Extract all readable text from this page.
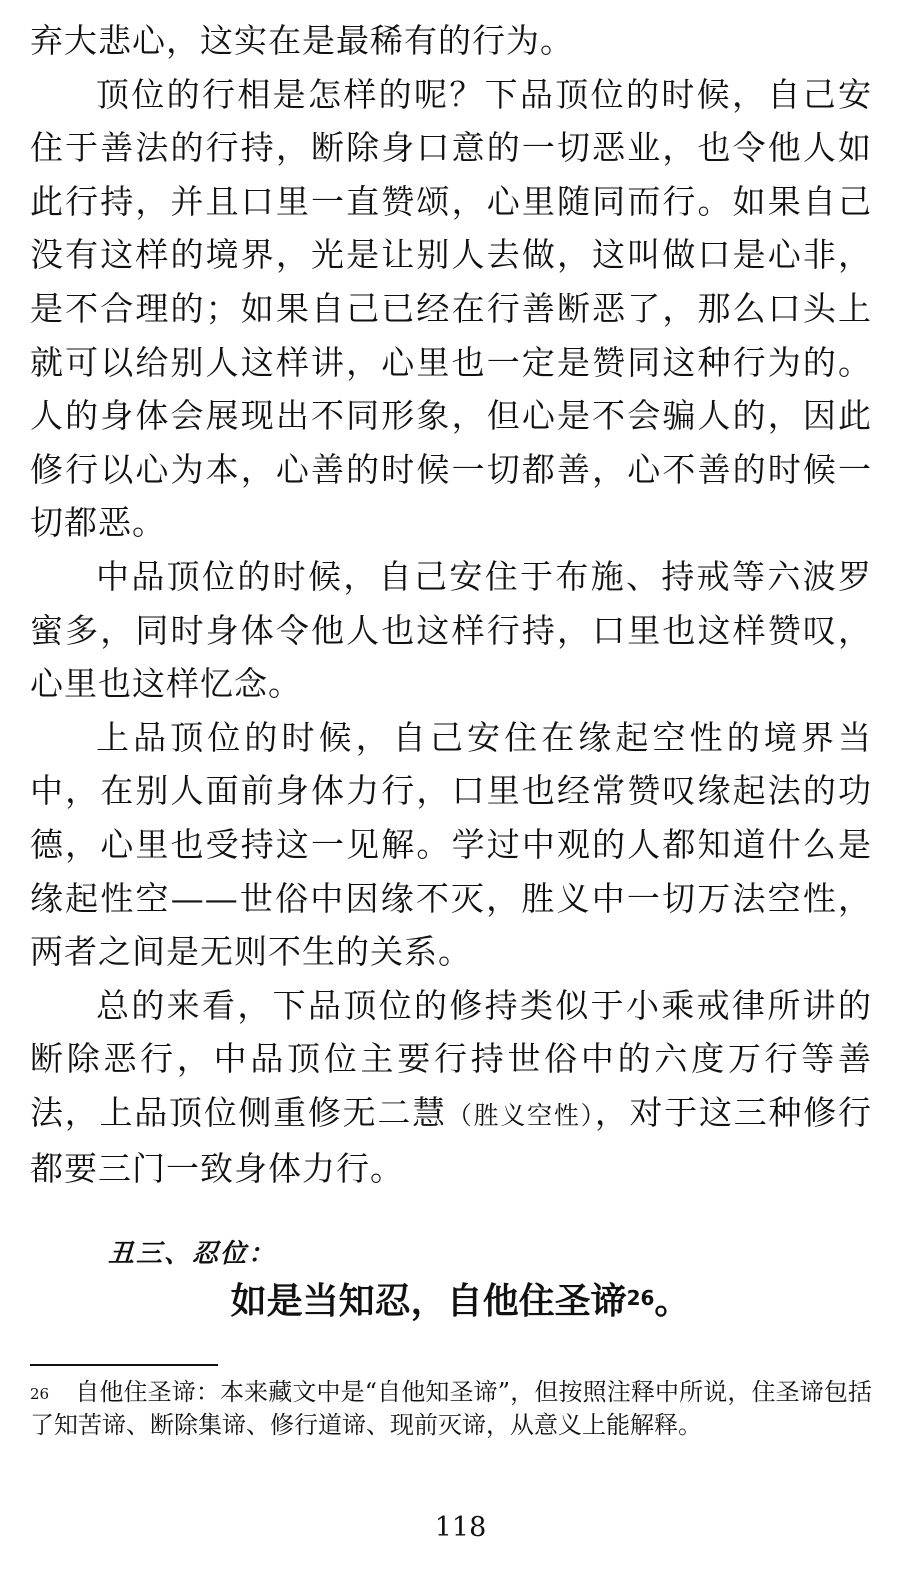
弃大悲心，这实在是最稀有的行为。

顶位的行相是怎样的呢？下品顶位的时候，自己安住于善法的行持，断除身口意的一切恶业，也令他人如此行持，并且口里一直赞颂，心里随同而行。如果自己没有这样的境界，光是让别人去做，这叫做口是心非，是不合理的；如果自己已经在行善断恶了，那么口头上就可以给别人这样讲，心里也一定是赞同这种行为的。人的身体会展现出不同形象，但心是不会骗人的，因此修行以心为本，心善的时候一切都善，心不善的时候一切都恶。

中品顶位的时候，自己安住于布施、持戒等六波罗蜜多，同时身体令他人也这样行持，口里也这样赞叹，心里也这样忆念。

上品顶位的时候，自己安住在缘起空性的境界当中，在别人面前身体力行，口里也经常赞叹缘起法的功德，心里也受持这一见解。学过中观的人都知道什么是缘起性空——世俗中因缘不灭，胜义中一切万法空性，两者之间是无则不生的关系。

总的来看，下品顶位的修持类似于小乘戒律所讲的断除恶行，中品顶位主要行持世俗中的六度万行等善法，上品顶位侧重修无二慧（胜义空性），对于这三种修行都要三门一致身体力行。

丑三、忍位：
如是当知忍，自他住圣谛$^{26}$。
$^{26}$ 自他住圣谛：本来藏文中是“自他知圣谛”，但按照注释中所说，住圣谛包括了知苦谛、断除集谛、修行道谛、现前灭谛，从意义上能解释。
118
